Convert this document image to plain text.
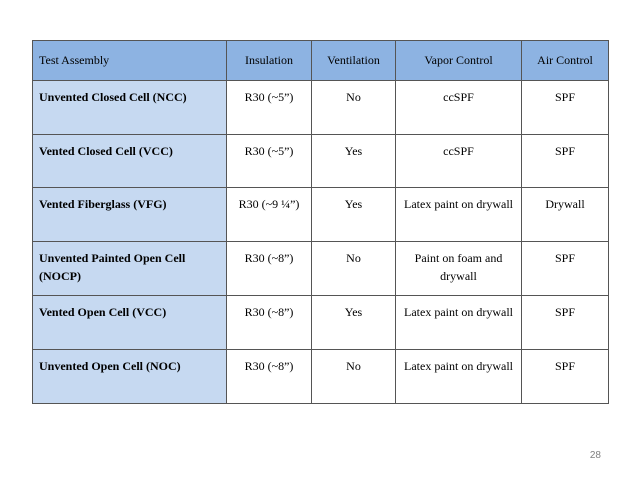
Test Assembly	Insulation	Ventilation	Vapor Control	Air Control
Unvented Closed Cell (NCC)	R30 (~5”)	No	ccSPF	SPF
Vented Closed Cell (VCC)	R30 (~5”)	Yes	ccSPF	SPF
Vented Fiberglass (VFG)	R30 (~9 ¼”)	Yes	Latex paint on drywall	Drywall
Unvented Painted Open Cell (NOCP)	R30 (~8”)	No	Paint on foam and drywall	SPF
Vented Open Cell (VCC)	R30 (~8”)	Yes	Latex paint on drywall	SPF
Unvented Open Cell (NOC)	R30 (~8”)	No	Latex paint on drywall	SPF
28
